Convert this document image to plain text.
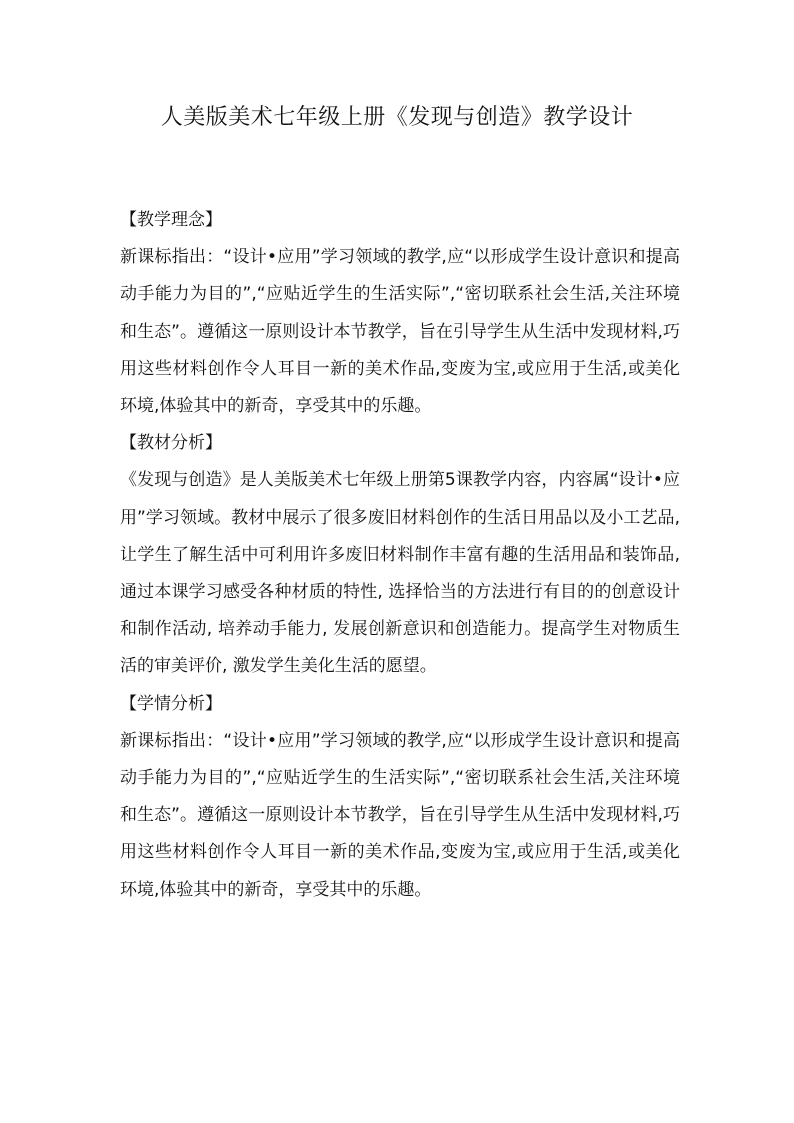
人美版美术七年级上册《发现与创造》教学设计
【教学理念】
新课标指出：“设计•应用”学习领域的教学,应“以形成学生设计意识和提高动手能力为目的”,“应贴近学生的生活实际”,“密切联系社会生活,关注环境和生态”。遵循这一原则设计本节教学，旨在引导学生从生活中发现材料,巧用这些材料创作令人耳目一新的美术作品,变废为宝,或应用于生活,或美化环境,体验其中的新奇，享受其中的乐趣。
【教材分析】
《发现与创造》是人美版美术七年级上册第5课教学内容，内容属“设计•应用”学习领域。教材中展示了很多废旧材料创作的生活日用品以及小工艺品, 让学生了解生活中可利用许多废旧材料制作丰富有趣的生活用品和装饰品, 通过本课学习感受各种材质的特性, 选择恰当的方法进行有目的的创意设计和制作活动, 培养动手能力, 发展创新意识和创造能力。提高学生对物质生活的审美评价, 激发学生美化生活的愿望。
【学情分析】
新课标指出：“设计•应用”学习领域的教学,应“以形成学生设计意识和提高动手能力为目的”,“应贴近学生的生活实际”,“密切联系社会生活,关注环境和生态”。遵循这一原则设计本节教学，旨在引导学生从生活中发现材料,巧用这些材料创作令人耳目一新的美术作品,变废为宝,或应用于生活,或美化环境,体验其中的新奇，享受其中的乐趣。
